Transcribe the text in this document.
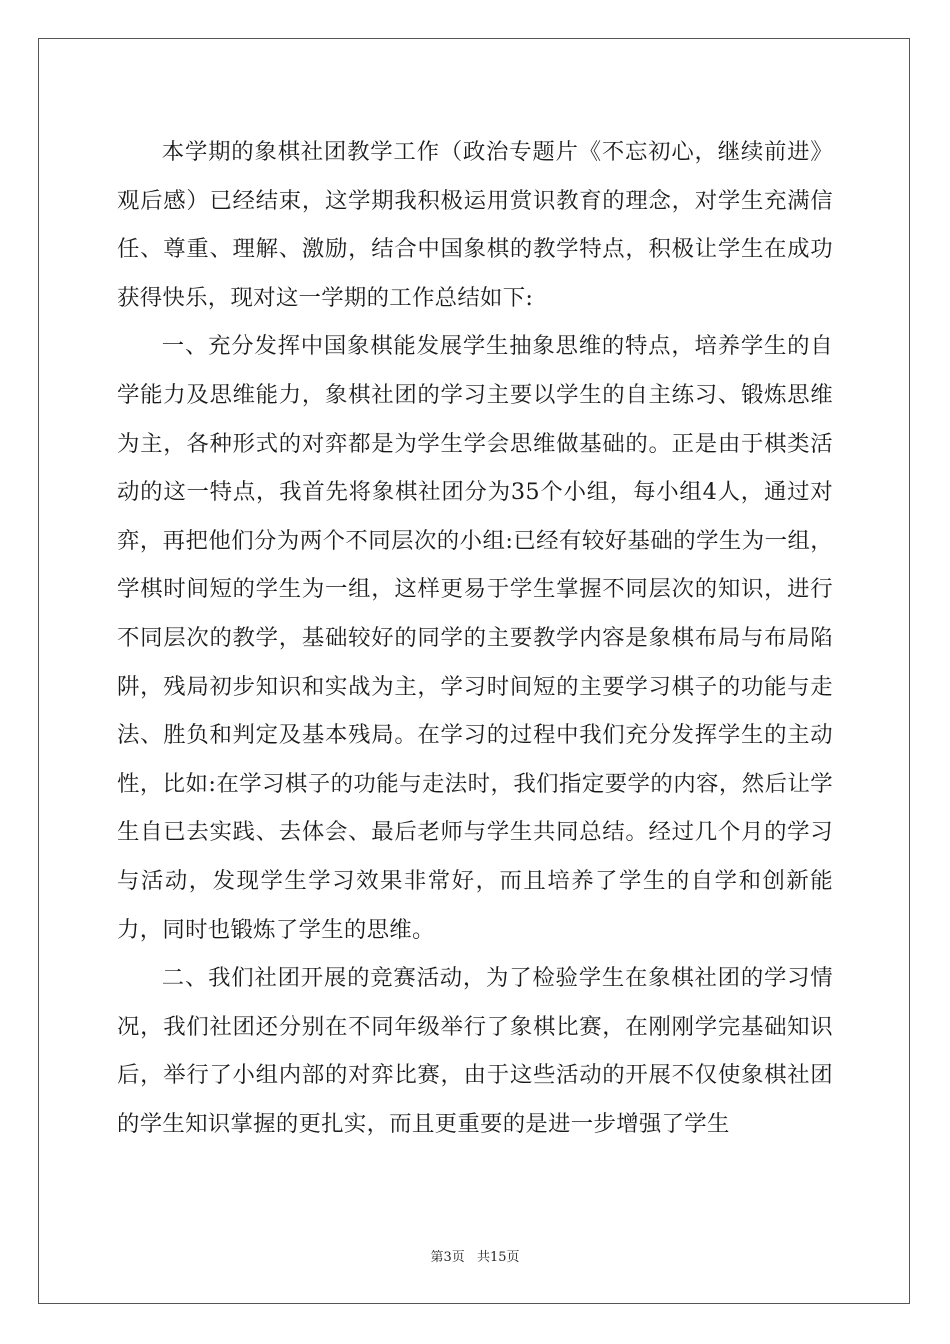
本学期的象棋社团教学工作（政治专题片《不忘初心，继续前进》观后感）已经结束，这学期我积极运用赏识教育的理念，对学生充满信任、尊重、理解、激励，结合中国象棋的教学特点，积极让学生在成功获得快乐，现对这一学期的工作总结如下:

一、充分发挥中国象棋能发展学生抽象思维的特点，培养学生的自学能力及思维能力，象棋社团的学习主要以学生的自主练习、锻炼思维为主，各种形式的对弈都是为学生学会思维做基础的。正是由于棋类活动的这一特点，我首先将象棋社团分为35个小组，每小组4人，通过对弈，再把他们分为两个不同层次的小组:已经有较好基础的学生为一组，学棋时间短的学生为一组，这样更易于学生掌握不同层次的知识，进行不同层次的教学，基础较好的同学的主要教学内容是象棋布局与布局陷阱，残局初步知识和实战为主，学习时间短的主要学习棋子的功能与走法、胜负和判定及基本残局。在学习的过程中我们充分发挥学生的主动性，比如:在学习棋子的功能与走法时，我们指定要学的内容，然后让学生自已去实践、去体会、最后老师与学生共同总结。经过几个月的学习与活动，发现学生学习效果非常好，而且培养了学生的自学和创新能力，同时也锻炼了学生的思维。

二、我们社团开展的竞赛活动，为了检验学生在象棋社团的学习情况，我们社团还分别在不同年级举行了象棋比赛，在刚刚学完基础知识后，举行了小组内部的对弈比赛，由于这些活动的开展不仅使象棋社团的学生知识掌握的更扎实，而且更重要的是进一步增强了学生

第3页 共15页
